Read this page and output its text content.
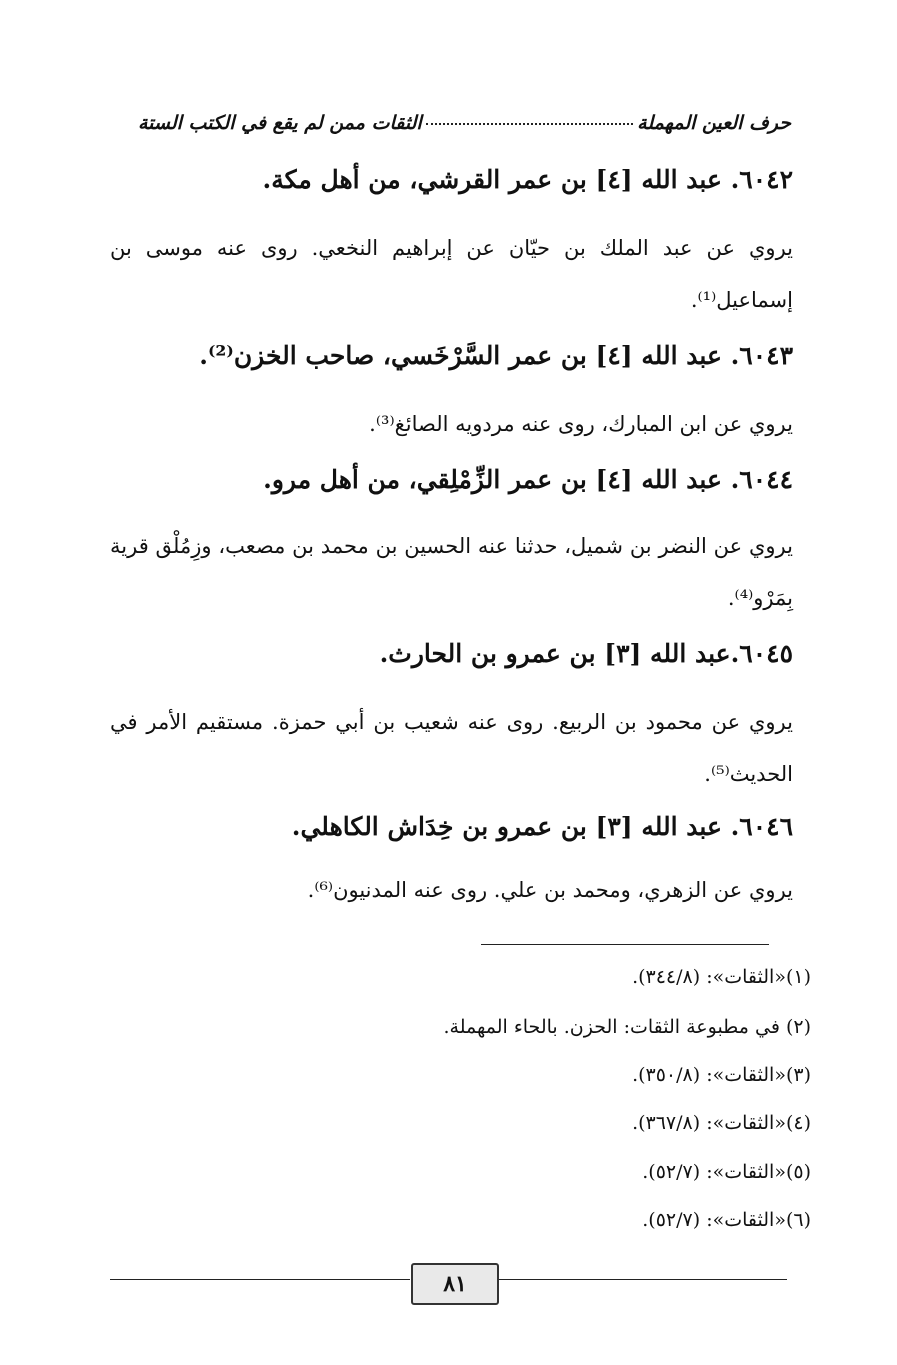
حرف العين المهملة
الثقات ممن لم يقع في الكتب الستة
٦٠٤٢. عبد الله [٤] بن عمر القرشي، من أهل مكة.
يروي عن عبد الملك بن حيّان عن إبراهيم النخعي. روى عنه موسى بن إسماعيل⁽¹⁾.
٦٠٤٣. عبد الله [٤] بن عمر السَّرْخَسي، صاحب الخزن⁽²⁾.
يروي عن ابن المبارك، روى عنه مردويه الصائغ⁽³⁾.
٦٠٤٤. عبد الله [٤] بن عمر الزِّمْلِقي، من أهل مرو.
يروي عن النضر بن شميل، حدثنا عنه الحسين بن محمد بن مصعب، وزِمُلْق قرية بِمَرْو⁽⁴⁾.
٦٠٤٥.عبد الله [٣] بن عمرو بن الحارث.
يروي عن محمود بن الربيع. روى عنه شعيب بن أبي حمزة. مستقيم الأمر في الحديث⁽⁵⁾.
٦٠٤٦. عبد الله [٣] بن عمرو بن خِدَاش الكاهلي.
يروي عن الزهري، ومحمد بن علي. روى عنه المدنيون⁽⁶⁾.
(١)«الثقات»: (٣٤٤/٨).
(٢) في مطبوعة الثقات: الحزن. بالحاء المهملة.
(٣)«الثقات»: (٣٥٠/٨).
(٤)«الثقات»: (٣٦٧/٨).
(٥)«الثقات»: (٥٢/٧).
(٦)«الثقات»: (٥٢/٧).
٨١
